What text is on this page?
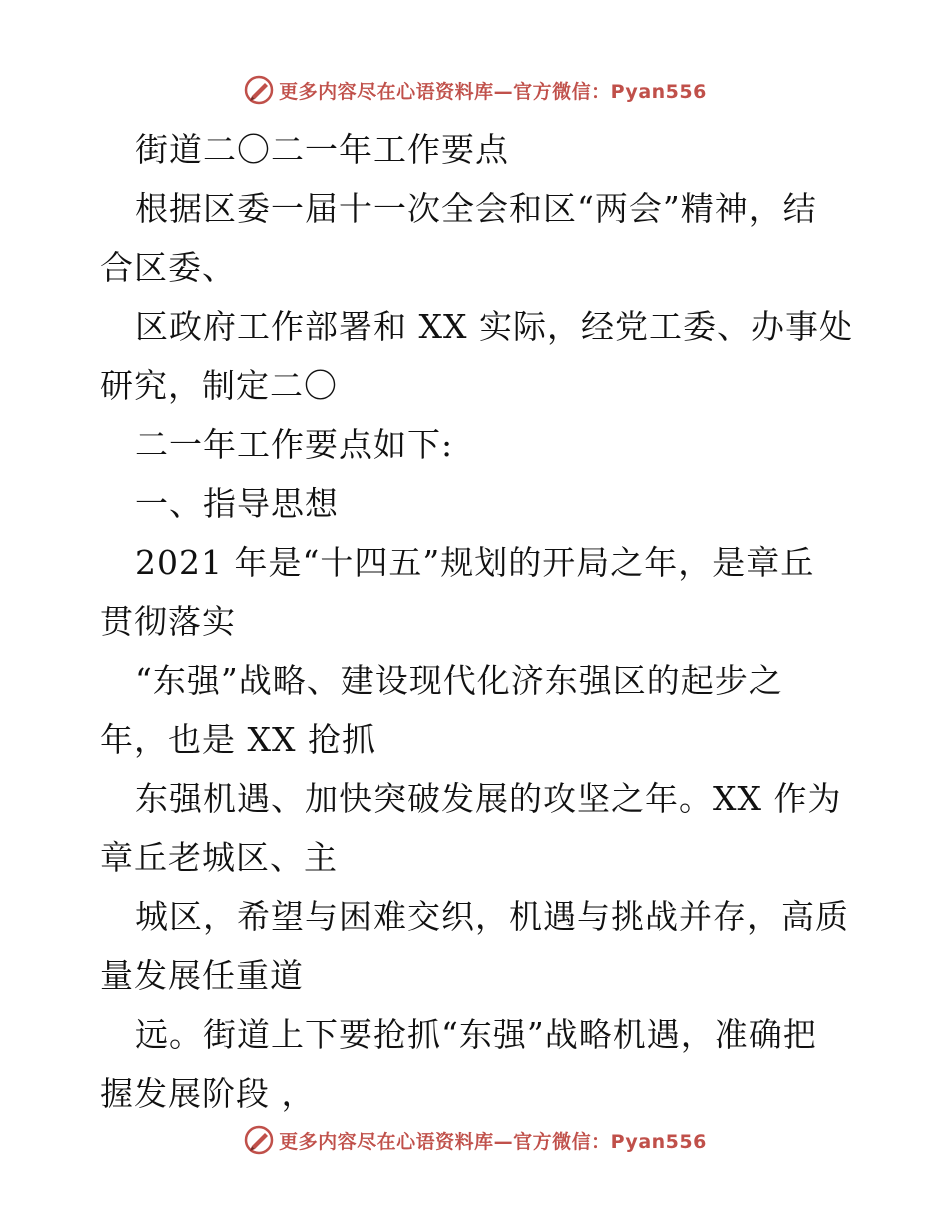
更多内容尽在心语资料库—官方微信：Pyan556
街道二〇二一年工作要点
根据区委一届十一次全会和区“两会”精神，结
合区委、
区政府工作部署和 XX 实际，经党工委、办事处
研究，制定二〇
二一年工作要点如下:
一、指导思想
2021 年是“十四五”规划的开局之年，是章丘
贯彻落实
“东强”战略、建设现代化济东强区的起步之
年，也是 XX 抢抓
东强机遇、加快突破发展的攻坚之年。XX 作为
章丘老城区、主
城区，希望与困难交织，机遇与挑战并存，高质
量发展任重道
远。街道上下要抢抓“东强”战略机遇，准确把
握发展阶段 ，
更多内容尽在心语资料库—官方微信：Pyan556
